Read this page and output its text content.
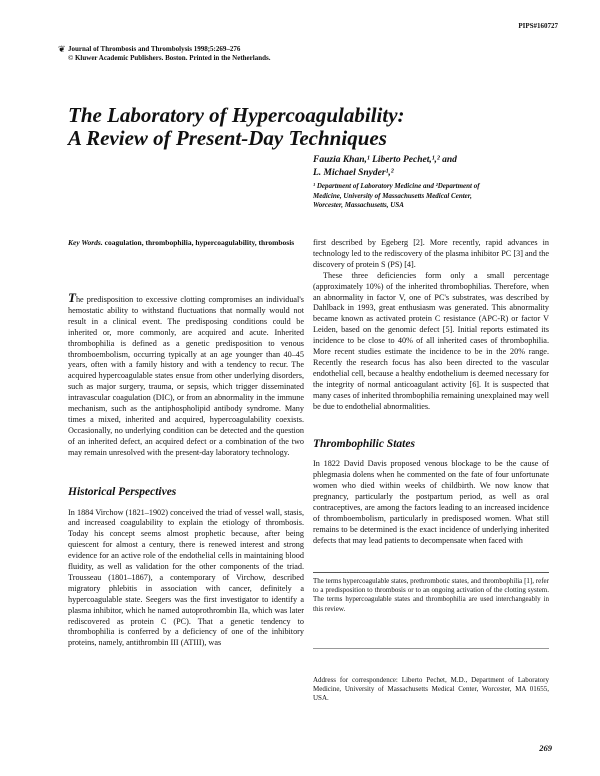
PIPS#160727
❦ Journal of Thrombosis and Thrombolysis 1998;5:269–276
© Kluwer Academic Publishers. Boston. Printed in the Netherlands.
The Laboratory of Hypercoagulability:
A Review of Present-Day Techniques
Fauzia Khan,¹ Liberto Pechet,¹,² and
L. Michael Snyder¹,²
¹ Department of Laboratory Medicine and ²Department of
Medicine, University of Massachusetts Medical Center,
Worcester, Massachusetts, USA
Key Words. coagulation, thrombophilia, hypercoagulability, thrombosis

The predisposition to excessive clotting compromises an individual's hemostatic ability to withstand fluctuations that normally would not result in a clinical event. The predisposing conditions could be inherited or, more commonly, are acquired and acute. Inherited thrombophilia is defined as a genetic predisposition to venous thromboembolism, occurring typically at an age younger than 40–45 years, often with a family history and with a tendency to recur. The acquired hypercoagulable states ensue from other underlying disorders, such as major surgery, trauma, or sepsis, which trigger disseminated intravascular coagulation (DIC), or from an abnormality in the immune mechanism, such as the antiphospholipid antibody syndrome. Many times a mixed, inherited and acquired, hypercoagulability coexists. Occasionally, no underlying condition can be detected and the question of an inherited defect, an acquired defect or a combination of the two may remain unresolved with the present-day laboratory technology.

Historical Perspectives

In 1884 Virchow (1821–1902) conceived the triad of vessel wall, stasis, and increased coagulability to explain the etiology of thrombosis. Today his concept seems almost prophetic because, after being quiescent for almost a century, there is renewed interest and strong evidence for an active role of the endothelial cells in maintaining blood fluidity, as well as validation for the other components of the triad. Trousseau (1801–1867), a contemporary of Virchow, described migratory phlebitis in association with cancer, definitely a hypercoagulable state. Seegers was the first investigator to identify a plasma inhibitor, which he named autoprothrombin IIa, which was later rediscovered as protein C (PC). That a genetic tendency to thrombophilia is conferred by a deficiency of one of the inhibitory proteins, namely, antithrombin III (ATIII), was

first described by Egeberg [2]. More recently, rapid advances in technology led to the rediscovery of the plasma inhibitor PC [3] and the discovery of protein S (PS) [4].

These three deficiencies form only a small percentage (approximately 10%) of the inherited thrombophilias. Therefore, when an abnormality in factor V, one of PC's substrates, was described by Dahlback in 1993, great enthusiasm was generated. This abnormality became known as activated protein C resistance (APC-R) or factor V Leiden, based on the genomic defect [5]. Initial reports estimated its incidence to be close to 40% of all inherited cases of thrombophilia. More recent studies estimate the incidence to be in the 20% range. Recently the research focus has also been directed to the vascular endothelial cell, because a healthy endothelium is deemed necessary for the integrity of normal anticoagulant activity [6]. It is suspected that many cases of inherited thrombophilia remaining unexplained may well be due to endothelial abnormalities.

Thrombophilic States

In 1822 David Davis proposed venous blockage to be the cause of phlegmasia dolens when he commented on the fate of four unfortunate women who died within weeks of childbirth. We now know that pregnancy, particularly the postpartum period, as well as oral contraceptives, are among the factors leading to an increased incidence of thromboembolism, particularly in predisposed women. What still remains to be determined is the exact incidence of underlying inherited defects that may lead patients to decompensate when faced with

The terms hypercoagulable states, prethrombotic states, and thrombophilia [1], refer to a predisposition to thrombosis or to an ongoing activation of the clotting system. The terms hypercoagulable states and thrombophilia are used interchangeably in this review.
Address for correspondence: Liberto Pechet, M.D., Department of Laboratory Medicine, University of Massachusetts Medical Center, Worcester, MA 01655, USA.
269
